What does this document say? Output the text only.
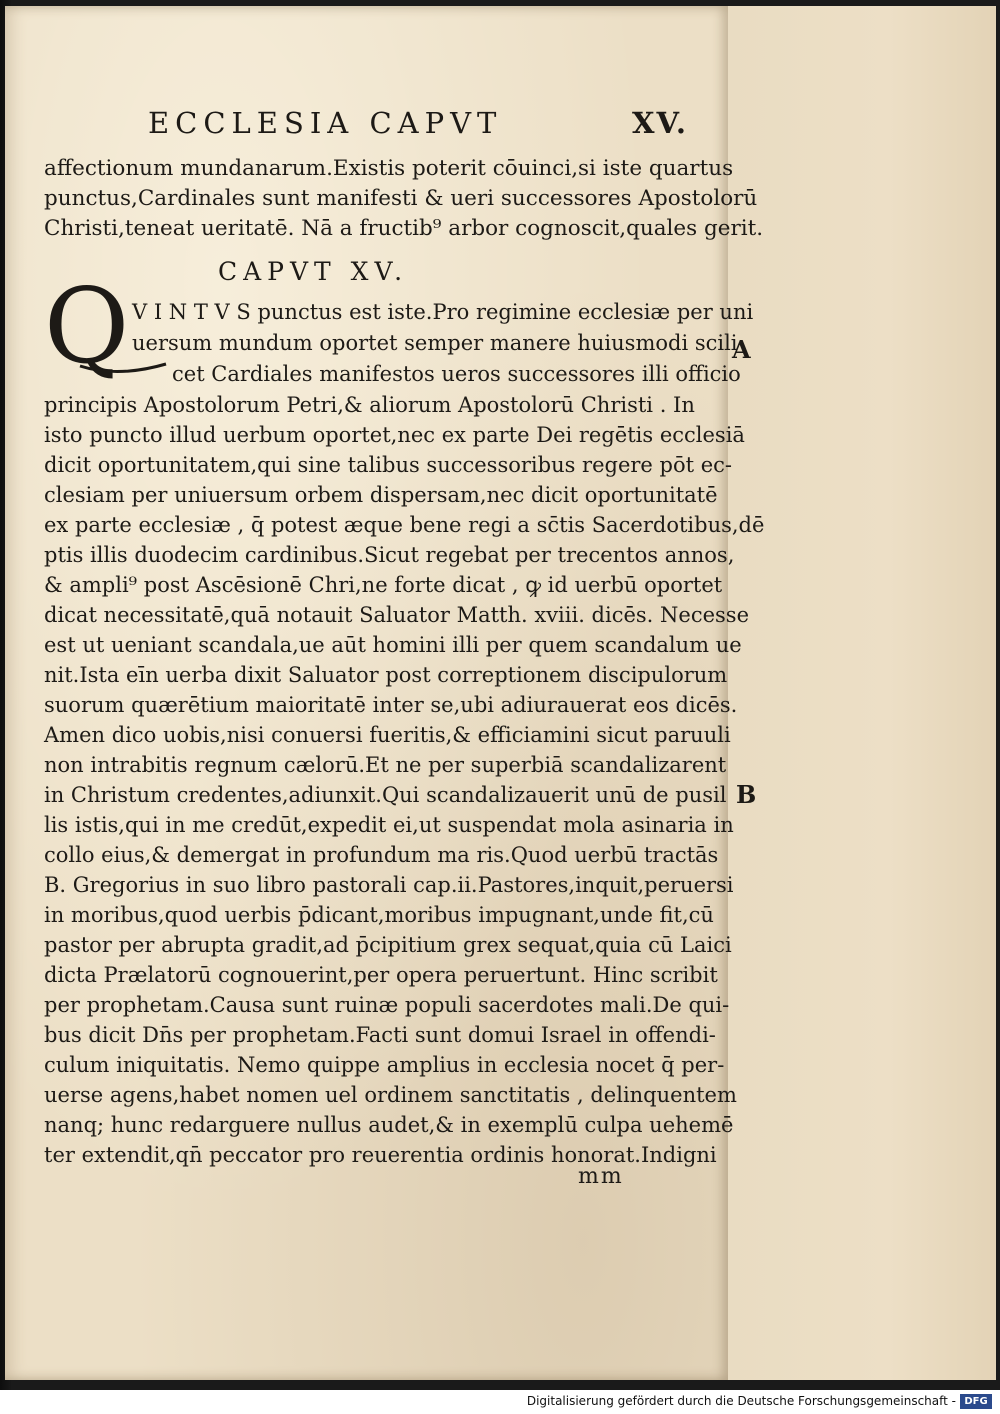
ECCLESIA CAPVT	XV.
affectionum mundanarum.Existis poterit cōuinci,si iste quartus
punctus,Cardinales sunt manifesti & ueri successores Apostolorū
Christi,teneat ueritatē. Nā a fructib⁹ arbor cognoscit,quales gerit.
CAPVT XV.
Q V I N T V S punctus est iste.Pro regimine ecclesiæ per uni
uersum mundum oportet semper manere huiusmodi scili
cet Cardiales manifestos ueros successores illi officio
principis Apostolorum Petri,& aliorum Apostolorū Christi . In
isto puncto illud uerbum oportet,nec ex parte Dei regētis ecclesiā
dicit oportunitatem,qui sine talibus successoribus regere pōt ec-
clesiam per uniuersum orbem dispersam,nec dicit oportunitatē
ex parte ecclesiæ , q̄ potest æque bene regi a sc̄tis Sacerdotibus,dē
ptis illis duodecim cardinibus.Sicut regebat per trecentos annos,
& ampli⁹ post Ascēsionē Chri,ne forte dicat , ꝙ id uerbū oportet
dicat necessitatē,quā notauit Saluator Matth. xviii. dicēs. Necesse
est ut ueniant scandala,ue aūt homini illi per quem scandalum ue
nit.Ista eīn uerba dixit Saluator post correptionem discipulorum
suorum quærētium maioritatē inter se,ubi adiurauerat eos dicēs.
Amen dico uobis,nisi conuersi fueritis,& efficiamini sicut paruuli
non intrabitis regnum cælorū.Et ne per superbiā scandalizarent
in Christum credentes,adiunxit.Qui scandalizauerit unū de pusil
lis istis,qui in me credūt,expedit ei,ut suspendat mola asinaria in
collo eius,& demergat in profundum ma ris.Quod uerbū tractās
B. Gregorius in suo libro pastorali cap.ii.Pastores,inquit,peruersi
in moribus,quod uerbis p̄dicant,moribus impugnant,unde fit,cū
pastor per abrupta gradit,ad p̄cipitium grex sequat,quia cū Laici
dicta Prælatorū cognouerint,per opera peruertunt. Hinc scribit
per prophetam.Causa sunt ruinæ populi sacerdotes mali.De qui-
bus dicit Dn̄s per prophetam.Facti sunt domui Israel in offendi-
culum iniquitatis. Nemo quippe amplius in ecclesia nocet q̄ per-
uerse agens,habet nomen uel ordinem sanctitatis , delinquentem
nanq; hunc redarguere nullus audet,& in exemplū culpa uehemē
ter extendit,qn̄ peccator pro reuerentia ordinis honorat.Indigni
A
B
mm
Digitalisierung gefördert durch die Deutsche Forschungsgemeinschaft - DFG
